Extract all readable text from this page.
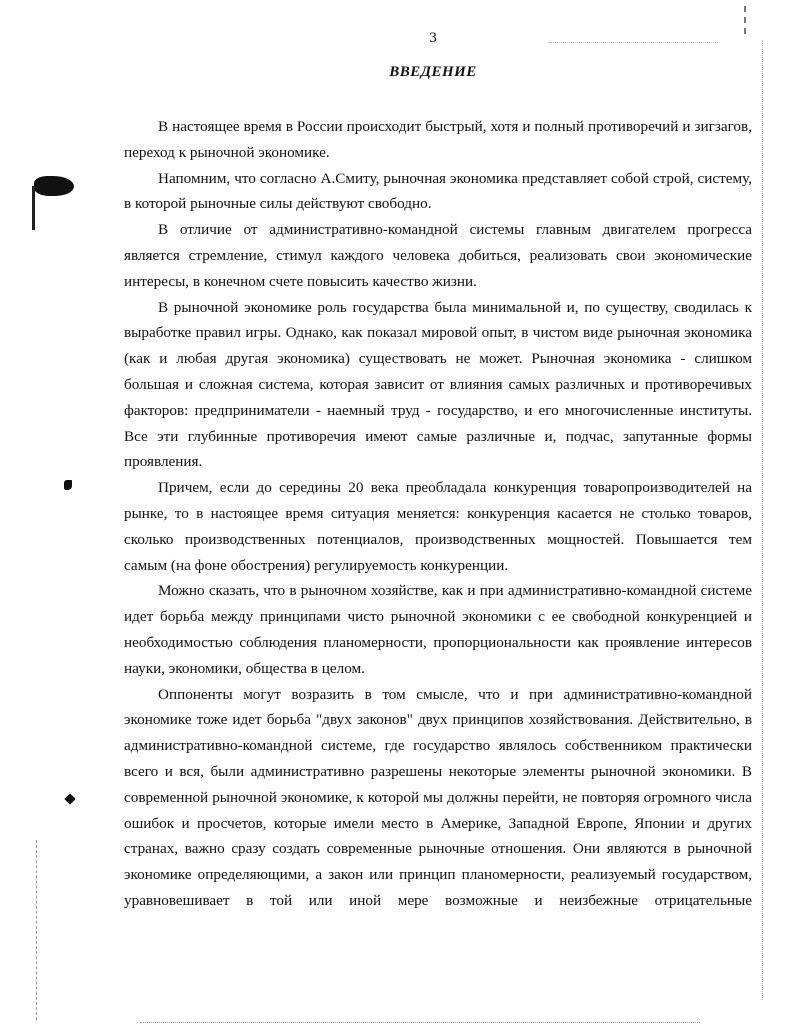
3
ВВЕДЕНИЕ

В настоящее время в России происходит быстрый, хотя и полный противоречий и зигзагов, переход к рыночной экономике.

Напомним, что согласно А.Смиту, рыночная экономика представляет собой строй, систему, в которой рыночные силы действуют свободно.

В отличие от административно-командной системы главным двигателем прогресса является стремление, стимул каждого человека добиться, реализовать свои экономические интересы, в конечном счете повысить качество жизни.

В рыночной экономике роль государства была минимальной и, по существу, сводилась к выработке правил игры. Однако, как показал мировой опыт, в чистом виде рыночная экономика (как и любая другая экономика) существовать не может. Рыночная экономика - слишком большая и сложная система, которая зависит от влияния самых различных и противоречивых факторов: предприниматели - наемный труд - государство, и его многочисленные институты. Все эти глубинные противоречия имеют самые различные и, подчас, запутанные формы проявления.

Причем, если до середины 20 века преобладала конкуренция товаропроизводителей на рынке, то в настоящее время ситуация меняется: конкуренция касается не столько товаров, сколько производственных потенциалов, производственных мощностей. Повышается тем самым (на фоне обострения) регулируемость конкуренции.

Можно сказать, что в рыночном хозяйстве, как и при административно-командной системе идет борьба между принципами чисто рыночной экономики с ее свободной конкуренцией и необходимостью соблюдения планомерности, пропорциональности как проявление интересов науки, экономики, общества в целом.

Оппоненты могут возразить в том смысле, что и при административно-командной экономике тоже идет борьба "двух законов" двух принципов хозяйствования. Действительно, в административно-командной системе, где государство являлось собственником практически всего и вся, были административно разрешены некоторые элементы рыночной экономики. В современной рыночной экономике, к которой мы должны перейти, не повторяя огромного числа ошибок и просчетов, которые имели место в Америке, Западной Европе, Японии и других странах, важно сразу создать современные рыночные отношения. Они являются в рыночной экономике определяющими, а закон или принцип планомерности, реализуемый государством, уравновешивает в той или иной мере возможные и неизбежные отрицательные
